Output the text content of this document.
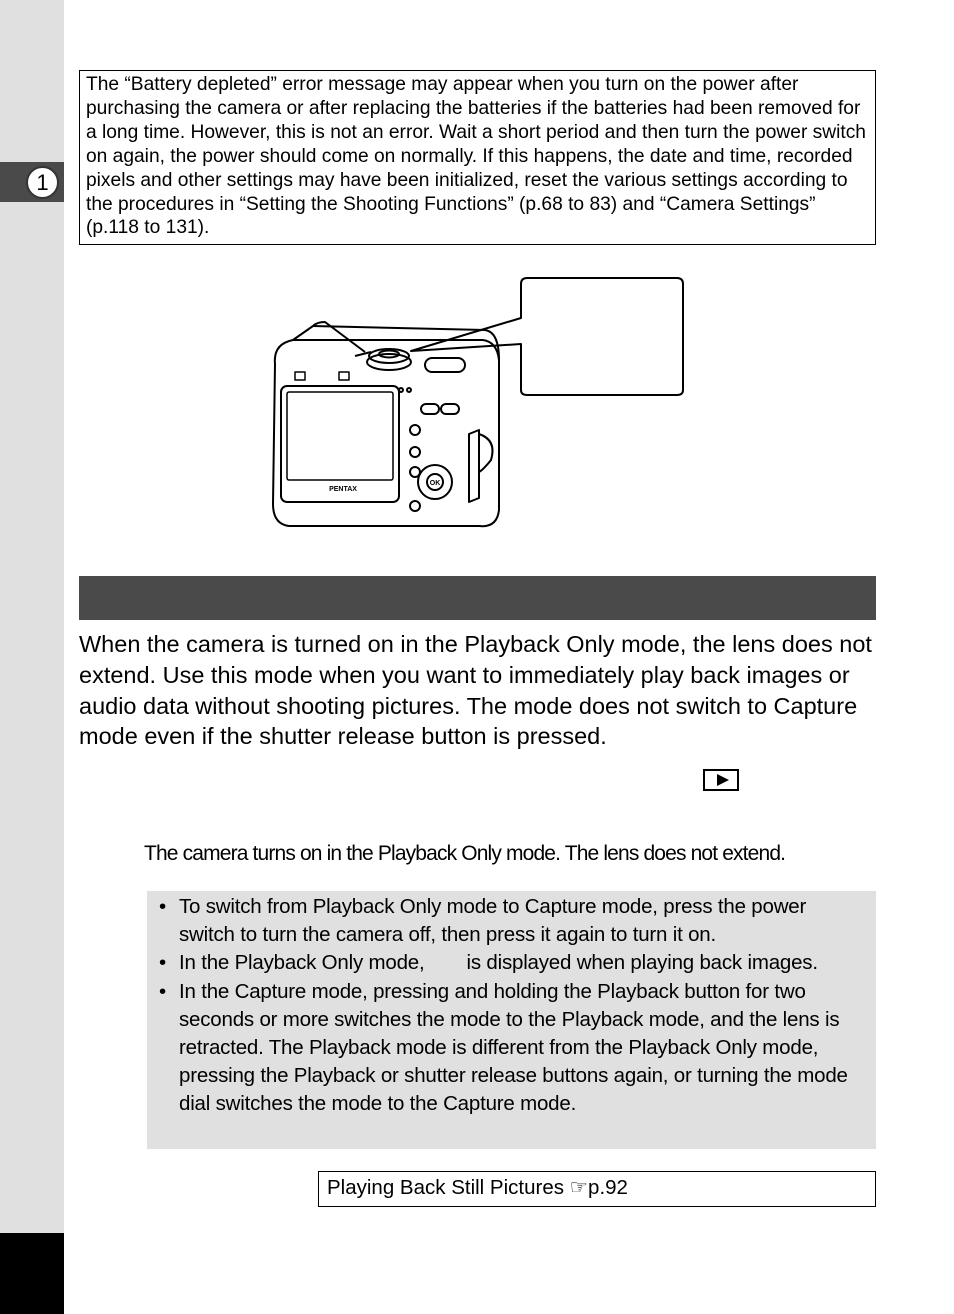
1
The “Battery depleted” error message may appear when you turn on the power after purchasing the camera or after replacing the batteries if the batteries had been removed for a long time. However, this is not an error. Wait a short period and then turn the power switch on again, the power should come on normally. If this happens, the date and time, recorded pixels and other settings may have been initialized, reset the various settings according to the procedures in “Setting the Shooting Functions” (p.68 to 83) and “Camera Settings” (p.118 to 131).
PENTAX
OK

When the camera is turned on in the Playback Only mode, the lens does not extend. Use this mode when you want to immediately play back images or audio data without shooting pictures. The mode does not switch to Capture mode even if the shutter release button is pressed.

The camera turns on in the Playback Only mode. The lens does not extend.

• To switch from Playback Only mode to Capture mode, press the power switch to turn the camera off, then press it again to turn it on.
• In the Playback Only mode, is displayed when playing back images.
• In the Capture mode, pressing and holding the Playback button for two seconds or more switches the mode to the Playback mode, and the lens is retracted. The Playback mode is different from the Playback Only mode, pressing the Playback or shutter release buttons again, or turning the mode dial switches the mode to the Capture mode.
Playing Back Still Pictures ☞p.92
